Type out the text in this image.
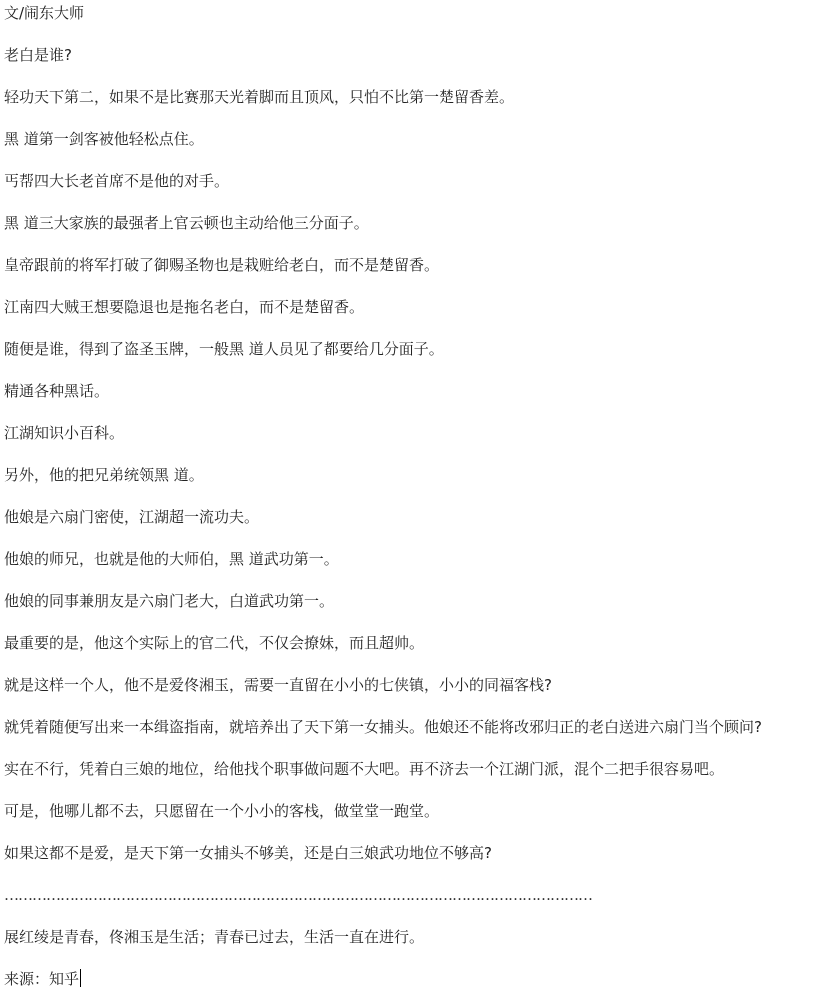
文/闹东大师

老白是谁?

轻功天下第二，如果不是比赛那天光着脚而且顶风，只怕不比第一楚留香差。

黑 道第一剑客被他轻松点住。

丐帮四大长老首席不是他的对手。

黑 道三大家族的最强者上官云顿也主动给他三分面子。

皇帝跟前的将军打破了御赐圣物也是栽赃给老白，而不是楚留香。

江南四大贼王想要隐退也是拖名老白，而不是楚留香。

随便是谁，得到了盗圣玉牌，一般黑 道人员见了都要给几分面子。

精通各种黑话。

江湖知识小百科。

另外，他的把兄弟统领黑 道。

他娘是六扇门密使，江湖超一流功夫。

他娘的师兄，也就是他的大师伯，黑 道武功第一。

他娘的同事兼朋友是六扇门老大，白道武功第一。

最重要的是，他这个实际上的官二代，不仅会撩妹，而且超帅。

就是这样一个人，他不是爱佟湘玉，需要一直留在小小的七侠镇，小小的同福客栈?

就凭着随便写出来一本缉盗指南，就培养出了天下第一女捕头。他娘还不能将改邪归正的老白送进六扇门当个顾问?

实在不行，凭着白三娘的地位，给他找个职事做问题不大吧。再不济去一个江湖门派，混个二把手很容易吧。

可是，他哪儿都不去，只愿留在一个小小的客栈，做堂堂一跑堂。

如果这都不是爱，是天下第一女捕头不够美，还是白三娘武功地位不够高?

………………………………………………………………………………………………………………

展红绫是青春，佟湘玉是生活；青春已过去，生活一直在进行。

来源：知乎
